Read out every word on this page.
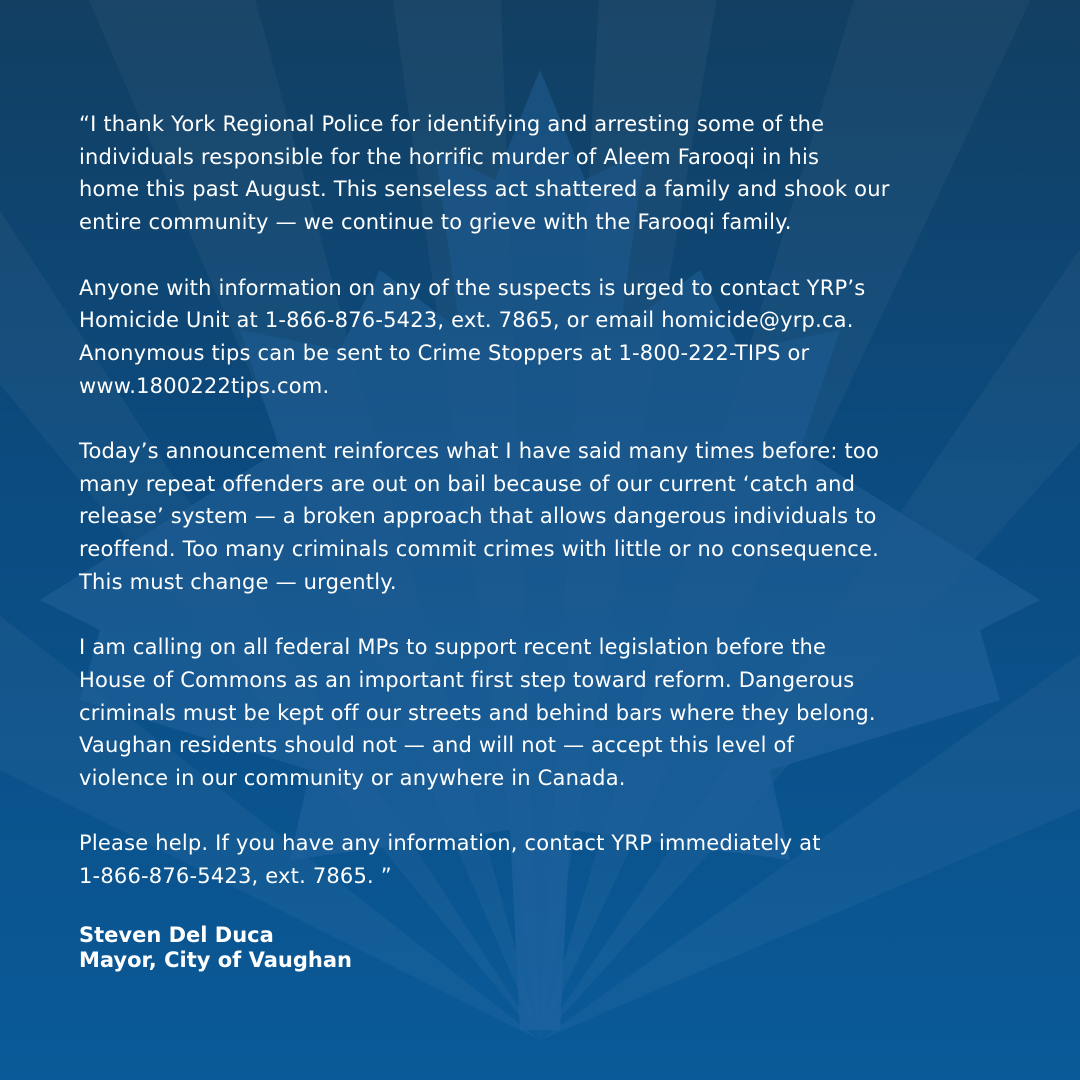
“I thank York Regional Police for identifying and arresting some of the
individuals responsible for the horrific murder of Aleem Farooqi in his
home this past August. This senseless act shattered a family and shook our
entire community — we continue to grieve with the Farooqi family.

Anyone with information on any of the suspects is urged to contact YRP’s
Homicide Unit at 1-866-876-5423, ext. 7865, or email homicide@yrp.ca.
Anonymous tips can be sent to Crime Stoppers at 1-800-222-TIPS or
www.1800222tips.com.

Today’s announcement reinforces what I have said many times before: too
many repeat offenders are out on bail because of our current ‘catch and
release’ system — a broken approach that allows dangerous individuals to
reoffend. Too many criminals commit crimes with little or no consequence.
This must change — urgently.

I am calling on all federal MPs to support recent legislation before the
House of Commons as an important first step toward reform. Dangerous
criminals must be kept off our streets and behind bars where they belong.
Vaughan residents should not — and will not — accept this level of
violence in our community or anywhere in Canada.

Please help. If you have any information, contact YRP immediately at
1-866-876-5423, ext. 7865. ”

Steven Del Duca
Mayor, City of Vaughan
